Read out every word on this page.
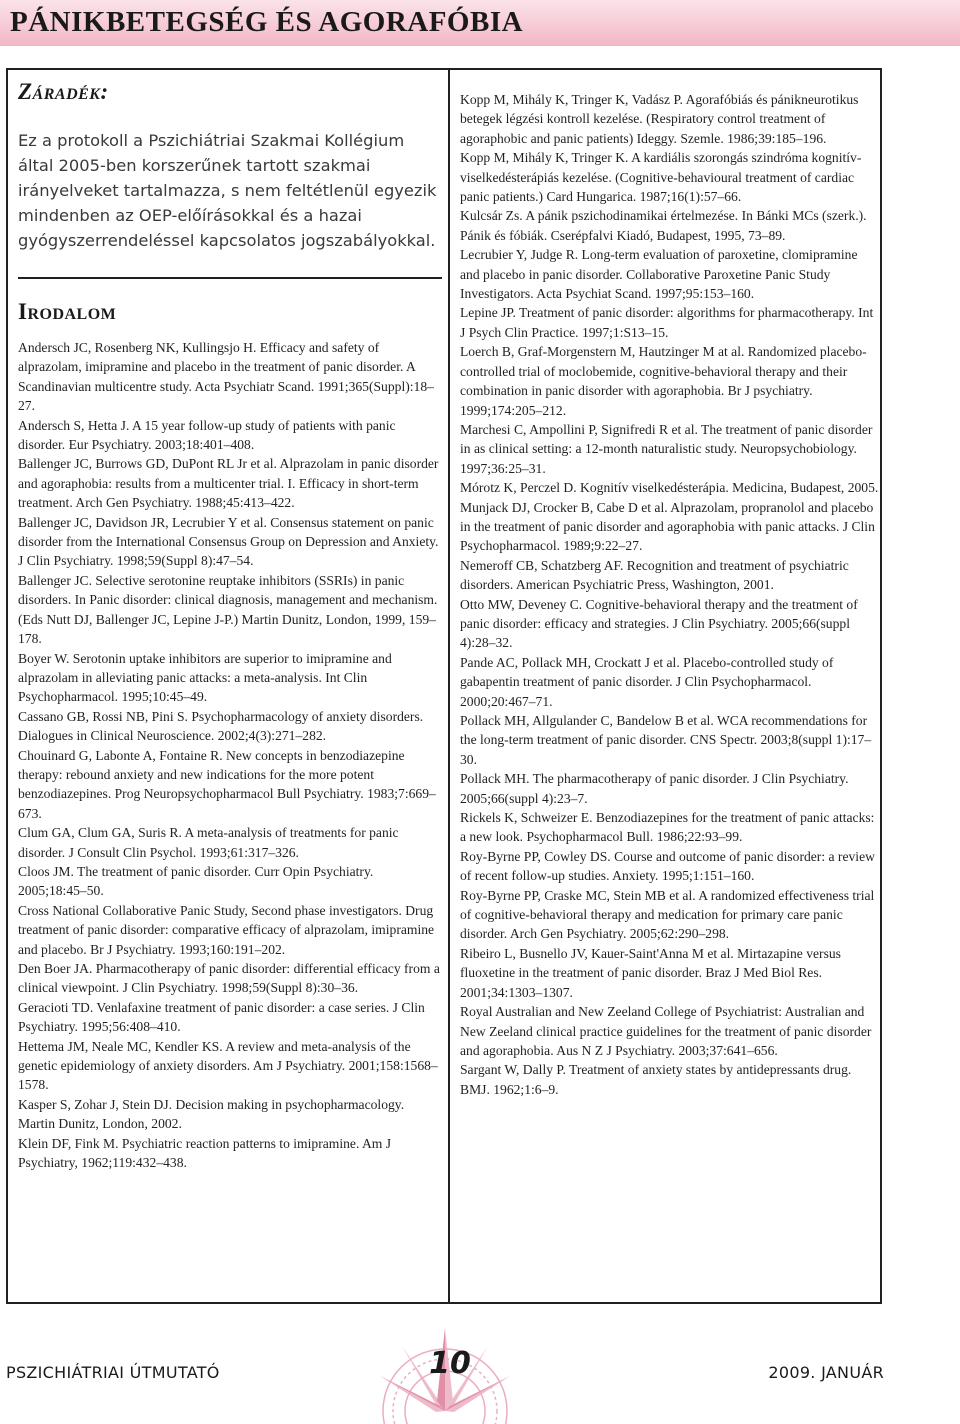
PÁNIKBETEGSÉG ÉS AGORAFÓBIA
Záradék:

Ez a protokoll a Pszichiátriai Szakmai Kollégium által 2005-ben korszerűnek tartott szakmai irányelveket tartalmazza, s nem feltétlenül egyezik mindenben az OEP-előírásokkal és a hazai gyógyszerrendeléssel kapcsolatos jogszabályokkal.

Irodalom

Andersch JC, Rosenberg NK, Kullingsjo H. Efficacy and safety of alprazolam, imipramine and placebo in the treatment of panic disorder. A Scandinavian multicentre study. Acta Psychiatr Scand. 1991;365(Suppl):18–27.

Andersch S, Hetta J. A 15 year follow-up study of patients with panic disorder. Eur Psychiatry. 2003;18:401–408.

Ballenger JC, Burrows GD, DuPont RL Jr et al. Alprazolam in panic disorder and agoraphobia: results from a multicenter trial. I. Efficacy in short-term treatment. Arch Gen Psychiatry. 1988;45:413–422.

Ballenger JC, Davidson JR, Lecrubier Y et al. Consensus statement on panic disorder from the International Consensus Group on Depression and Anxiety. J Clin Psychiatry. 1998;59(Suppl 8):47–54.

Ballenger JC. Selective serotonine reuptake inhibitors (SSRIs) in panic disorders. In Panic disorder: clinical diagnosis, management and mechanism. (Eds Nutt DJ, Ballenger JC, Lepine J-P.) Martin Dunitz, London, 1999, 159–178.

Boyer W. Serotonin uptake inhibitors are superior to imipramine and alprazolam in alleviating panic attacks: a meta-analysis. Int Clin Psychopharmacol. 1995;10:45–49.

Cassano GB, Rossi NB, Pini S. Psychopharmacology of anxiety disorders. Dialogues in Clinical Neuroscience. 2002;4(3):271–282.

Chouinard G, Labonte A, Fontaine R. New concepts in benzodiazepine therapy: rebound anxiety and new indications for the more potent benzodiazepines. Prog Neuropsychopharmacol Bull Psychiatry. 1983;7:669–673.

Clum GA, Clum GA, Suris R. A meta-analysis of treatments for panic disorder. J Consult Clin Psychol. 1993;61:317–326.

Cloos JM. The treatment of panic disorder. Curr Opin Psychiatry. 2005;18:45–50.

Cross National Collaborative Panic Study, Second phase investigators. Drug treatment of panic disorder: comparative efficacy of alprazolam, imipramine and placebo. Br J Psychiatry. 1993;160:191–202.

Den Boer JA. Pharmacotherapy of panic disorder: differential efficacy from a clinical viewpoint. J Clin Psychiatry. 1998;59(Suppl 8):30–36.

Geracioti TD. Venlafaxine treatment of panic disorder: a case series. J Clin Psychiatry. 1995;56:408–410.

Hettema JM, Neale MC, Kendler KS. A review and meta-analysis of the genetic epidemiology of anxiety disorders. Am J Psychiatry. 2001;158:1568–1578.

Kasper S, Zohar J, Stein DJ. Decision making in psychopharmacology. Martin Dunitz, London, 2002.

Klein DF, Fink M. Psychiatric reaction patterns to imipramine. Am J Psychiatry, 1962;119:432–438.

Kopp M, Mihály K, Tringer K, Vadász P. Agorafóbiás és pánikneurotikus betegek légzési kontroll kezelése. (Respiratory control treatment of agoraphobic and panic patients) Ideggy. Szemle. 1986;39:185–196.

Kopp M, Mihály K, Tringer K. A kardiális szorongás szindróma kognitív-viselkedésterápiás kezelése. (Cognitive-behavioural treatment of cardiac panic patients.) Card Hungarica. 1987;16(1):57–66.

Kulcsár Zs. A pánik pszichodinamikai értelmezése. In Bánki MCs (szerk.). Pánik és fóbiák. Cserépfalvi Kiadó, Budapest, 1995, 73–89.

Lecrubier Y, Judge R. Long-term evaluation of paroxetine, clomipramine and placebo in panic disorder. Collaborative Paroxetine Panic Study Investigators. Acta Psychiat Scand. 1997;95:153–160.

Lepine JP. Treatment of panic disorder: algorithms for pharmacotherapy. Int J Psych Clin Practice. 1997;1:S13–15.

Loerch B, Graf-Morgenstern M, Hautzinger M at al. Randomized placebo-controlled trial of moclobemide, cognitive-behavioral therapy and their combination in panic disorder with agoraphobia. Br J psychiatry. 1999;174:205–212.

Marchesi C, Ampollini P, Signifredi R et al. The treatment of panic disorder in as clinical setting: a 12-month naturalistic study. Neuropsychobiology. 1997;36:25–31.

Mórotz K, Perczel D. Kognitív viselkedésterápia. Medicina, Budapest, 2005.

Munjack DJ, Crocker B, Cabe D et al. Alprazolam, propranolol and placebo in the treatment of panic disorder and agoraphobia with panic attacks. J Clin Psychopharmacol. 1989;9:22–27.

Nemeroff CB, Schatzberg AF. Recognition and treatment of psychiatric disorders. American Psychiatric Press, Washington, 2001.

Otto MW, Deveney C. Cognitive-behavioral therapy and the treatment of panic disorder: efficacy and strategies. J Clin Psychiatry. 2005;66(suppl 4):28–32.

Pande AC, Pollack MH, Crockatt J et al. Placebo-controlled study of gabapentin treatment of panic disorder. J Clin Psychopharmacol. 2000;20:467–71.

Pollack MH, Allgulander C, Bandelow B et al. WCA recommendations for the long-term treatment of panic disorder. CNS Spectr. 2003;8(suppl 1):17–30.

Pollack MH. The pharmacotherapy of panic disorder. J Clin Psychiatry. 2005;66(suppl 4):23–7.

Rickels K, Schweizer E. Benzodiazepines for the treatment of panic attacks: a new look. Psychopharmacol Bull. 1986;22:93–99.

Roy-Byrne PP, Cowley DS. Course and outcome of panic disorder: a review of recent follow-up studies. Anxiety. 1995;1:151–160.

Roy-Byrne PP, Craske MC, Stein MB et al. A randomized effectiveness trial of cognitive-behavioral therapy and medication for primary care panic disorder. Arch Gen Psychiatry. 2005;62:290–298.

Ribeiro L, Busnello JV, Kauer-Saint'Anna M et al. Mirtazapine versus fluoxetine in the treatment of panic disorder. Braz J Med Biol Res. 2001;34:1303–1307.

Royal Australian and New Zeeland College of Psychiatrist: Australian and New Zeeland clinical practice guidelines for the treatment of panic disorder and agoraphobia. Aus N Z J Psychiatry. 2003;37:641–656.

Sargant W, Dally P. Treatment of anxiety states by antidepressants drug. BMJ. 1962;1:6–9.

PSZICHIÁTRIAI ÚTMUTATÓ	10	2009. JANUÁR
